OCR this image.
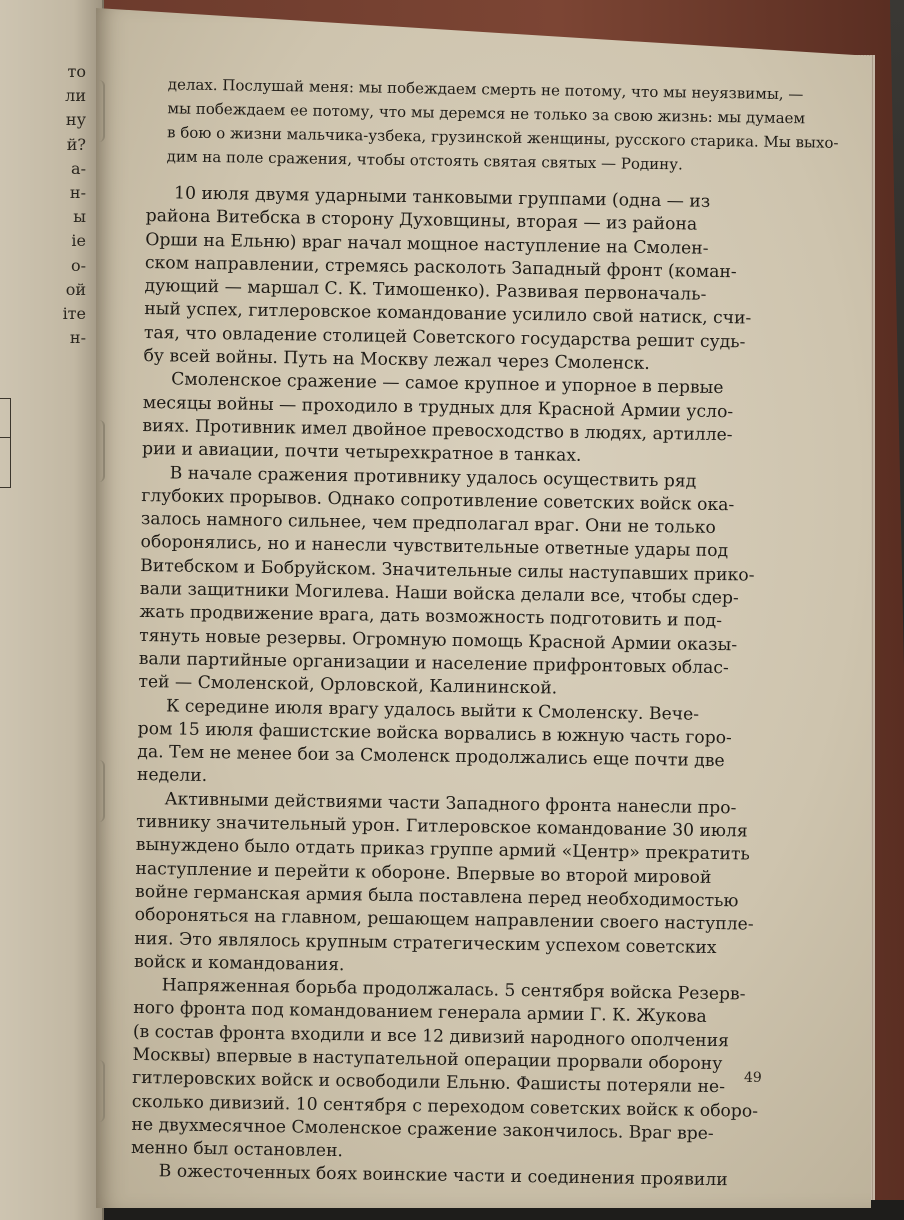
то
ли
ну
й?
а-
н-
ы
іе
о-
ой
іте
н-
делах. Послушай меня: мы побеждаем смерть не потому, что мы неуязвимы, —
мы побеждаем ее потому, что мы деремся не только за свою жизнь: мы думаем
в бою о жизни мальчика-узбека, грузинской женщины, русского старика. Мы выхо-
дим на поле сражения, чтобы отстоять святая святых — Родину.
10 июля двумя ударными танковыми группами (одна — из
района Витебска в сторону Духовщины, вторая — из района
Орши на Ельню) враг начал мощное наступление на Смолен-
ском направлении, стремясь расколоть Западный фронт (коман-
дующий — маршал С. К. Тимошенко). Развивая первоначаль-
ный успех, гитлеровское командование усилило свой натиск, счи-
тая, что овладение столицей Советского государства решит судь-
бу всей войны. Путь на Москву лежал через Смоленск.
Смоленское сражение — самое крупное и упорное в первые
месяцы войны — проходило в трудных для Красной Армии усло-
виях. Противник имел двойное превосходство в людях, артилле-
рии и авиации, почти четырехкратное в танках.
В начале сражения противнику удалось осуществить ряд
глубоких прорывов. Однако сопротивление советских войск ока-
залось намного сильнее, чем предполагал враг. Они не только
оборонялись, но и нанесли чувствительные ответные удары под
Витебском и Бобруйском. Значительные силы наступавших прико-
вали защитники Могилева. Наши войска делали все, чтобы сдер-
жать продвижение врага, дать возможность подготовить и под-
тянуть новые резервы. Огромную помощь Красной Армии оказы-
вали партийные организации и население прифронтовых облас-
тей — Смоленской, Орловской, Калининской.
К середине июля врагу удалось выйти к Смоленску. Вече-
ром 15 июля фашистские войска ворвались в южную часть горо-
да. Тем не менее бои за Смоленск продолжались еще почти две
недели.
Активными действиями части Западного фронта нанесли про-
тивнику значительный урон. Гитлеровское командование 30 июля
вынуждено было отдать приказ группе армий «Центр» прекратить
наступление и перейти к обороне. Впервые во второй мировой
войне германская армия была поставлена перед необходимостью
обороняться на главном, решающем направлении своего наступле-
ния. Это являлось крупным стратегическим успехом советских
войск и командования.
Напряженная борьба продолжалась. 5 сентября войска Резерв-
ного фронта под командованием генерала армии Г. К. Жукова
(в состав фронта входили и все 12 дивизий народного ополчения
Москвы) впервые в наступательной операции прорвали оборону
гитлеровских войск и освободили Ельню. Фашисты потеряли не-
сколько дивизий. 10 сентября с переходом советских войск к оборо-
не двухмесячное Смоленское сражение закончилось. Враг вре-
менно был остановлен.
В ожесточенных боях воинские части и соединения проявили
49
